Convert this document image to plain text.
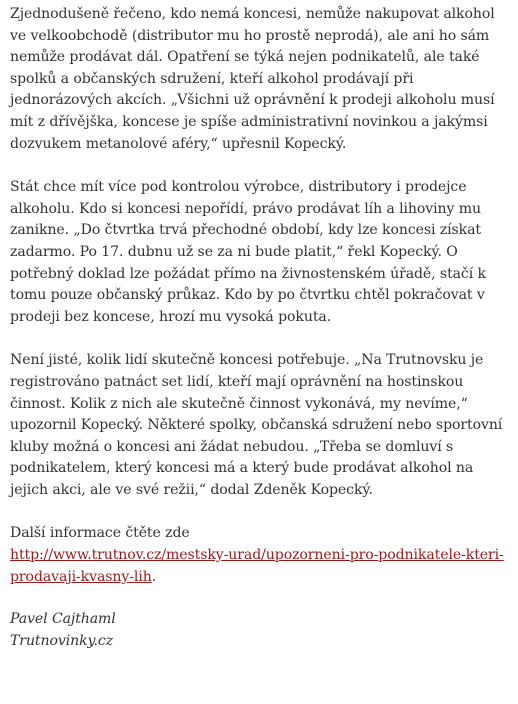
Zjednodušeně řečeno, kdo nemá koncesi, nemůže nakupovat alkohol ve velkoobchodě (distributor mu ho prostě neprodá), ale ani ho sám nemůže prodávat dál. Opatření se týká nejen podnikatelů, ale také spolků a občanských sdružení, kteří alkohol prodávají při jednorázových akcích. „Všichni už oprávnění k prodeji alkoholu musí mít z dřívějška, koncese je spíše administrativní novinkou a jakýmsi dozvukem metanolové aféry,“ upřesnil Kopecký.

Stát chce mít více pod kontrolou výrobce, distributory i prodejce alkoholu. Kdo si koncesi nepořídí, právo prodávat líh a lihoviny mu zanikne. „Do čtvrtka trvá přechodné období, kdy lze koncesi získat zadarmo. Po 17. dubnu už se za ni bude platit,“ řekl Kopecký. O potřebný doklad lze požádat přímo na živnostenském úřadě, stačí k tomu pouze občanský průkaz. Kdo by po čtvrtku chtěl pokračovat v prodeji bez koncese, hrozí mu vysoká pokuta.

Není jisté, kolik lidí skutečně koncesi potřebuje. „Na Trutnovsku je registrováno patnáct set lidí, kteří mají oprávnění na hostinskou činnost. Kolik z nich ale skutečně činnost vykonává, my nevíme,“ upozornil Kopecký. Některé spolky, občanská sdružení nebo sportovní kluby možná o koncesi ani žádat nebudou. „Třeba se domluví s podnikatelem, který koncesi má a který bude prodávat alkohol na jejich akci, ale ve své režii,“ dodal Zdeněk Kopecký.

Další informace čtěte zde
http://www.trutnov.cz/mestsky-urad/upozorneni-pro-podnikatele-kteri-prodavaji-kvasny-lih.

Pavel Cajthaml
Trutnovinky.cz
